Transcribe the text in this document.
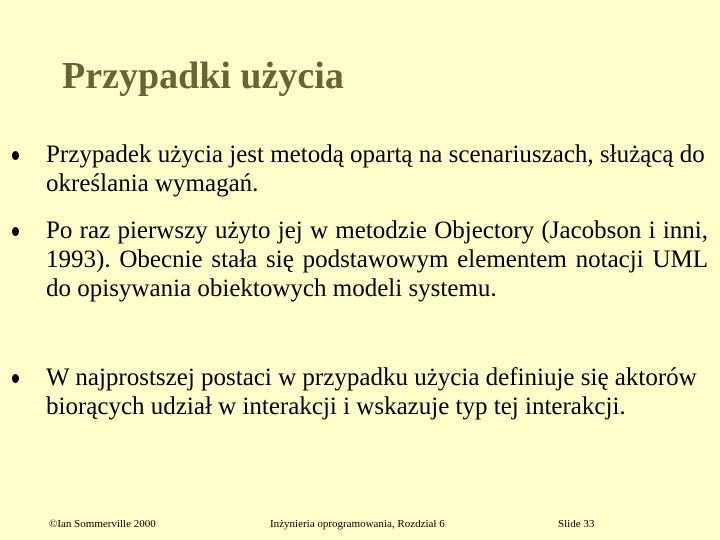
Przypadki użycia
Przypadek użycia jest metodą opartą na scenariuszach, służącą do określania wymagań.
Po raz pierwszy użyto jej w metodzie Objectory (Jacobson i inni, 1993). Obecnie stała się podstawowym elementem notacji UML do opisywania obiektowych modeli systemu.
W najprostszej postaci w przypadku użycia definiuje się aktorów biorących udział w interakcji i wskazuje typ tej interakcji.
©Ian Sommerville 2000	Inżynieria oprogramowania, Rozdział 6	Slide 33
